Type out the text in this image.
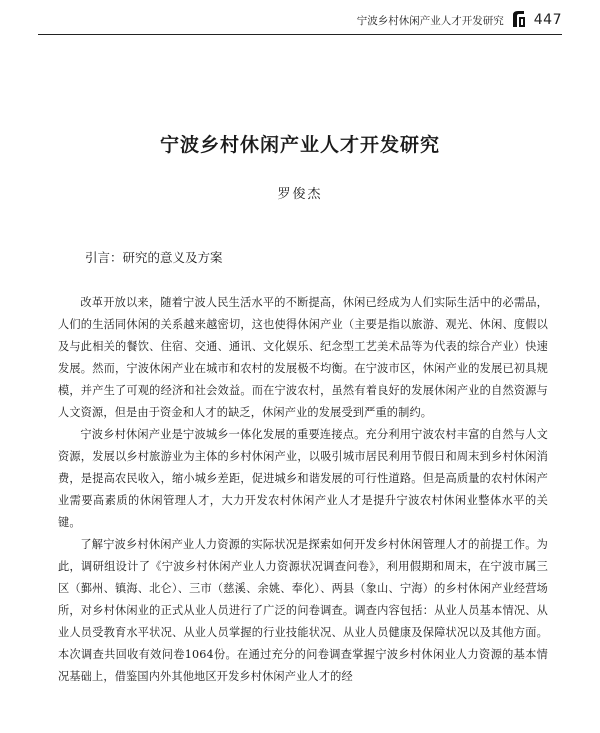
宁波乡村休闲产业人才开发研究 447
宁波乡村休闲产业人才开发研究
罗俊杰
引言：研究的意义及方案

改革开放以来，随着宁波人民生活水平的不断提高，休闲已经成为人们实际生活中的必需品，人们的生活同休闲的关系越来越密切，这也使得休闲产业（主要是指以旅游、观光、休闲、度假以及与此相关的餐饮、住宿、交通、通讯、文化娱乐、纪念型工艺美术品等为代表的综合产业）快速发展。然而，宁波休闲产业在城市和农村的发展极不均衡。在宁波市区，休闲产业的发展已初具规模，并产生了可观的经济和社会效益。而在宁波农村，虽然有着良好的发展休闲产业的自然资源与人文资源，但是由于资金和人才的缺乏，休闲产业的发展受到严重的制约。

宁波乡村休闲产业是宁波城乡一体化发展的重要连接点。充分利用宁波农村丰富的自然与人文资源，发展以乡村旅游业为主体的乡村休闲产业，以吸引城市居民利用节假日和周末到乡村休闲消费，是提高农民收入，缩小城乡差距，促进城乡和谐发展的可行性道路。但是高质量的农村休闲产业需要高素质的休闲管理人才，大力开发农村休闲产业人才是提升宁波农村休闲业整体水平的关键。

了解宁波乡村休闲产业人力资源的实际状况是探索如何开发乡村休闲管理人才的前提工作。为此，调研组设计了《宁波乡村休闲产业人力资源状况调查问卷》，利用假期和周末，在宁波市属三区（鄞州、镇海、北仑）、三市（慈溪、余姚、奉化）、两县（象山、宁海）的乡村休闲产业经营场所，对乡村休闲业的正式从业人员进行了广泛的问卷调查。调查内容包括：从业人员基本情况、从业人员受教育水平状况、从业人员掌握的行业技能状况、从业人员健康及保障状况以及其他方面。本次调查共回收有效问卷1064份。在通过充分的问卷调查掌握宁波乡村休闲业人力资源的基本情况基础上，借鉴国内外其他地区开发乡村休闲产业人才的经
